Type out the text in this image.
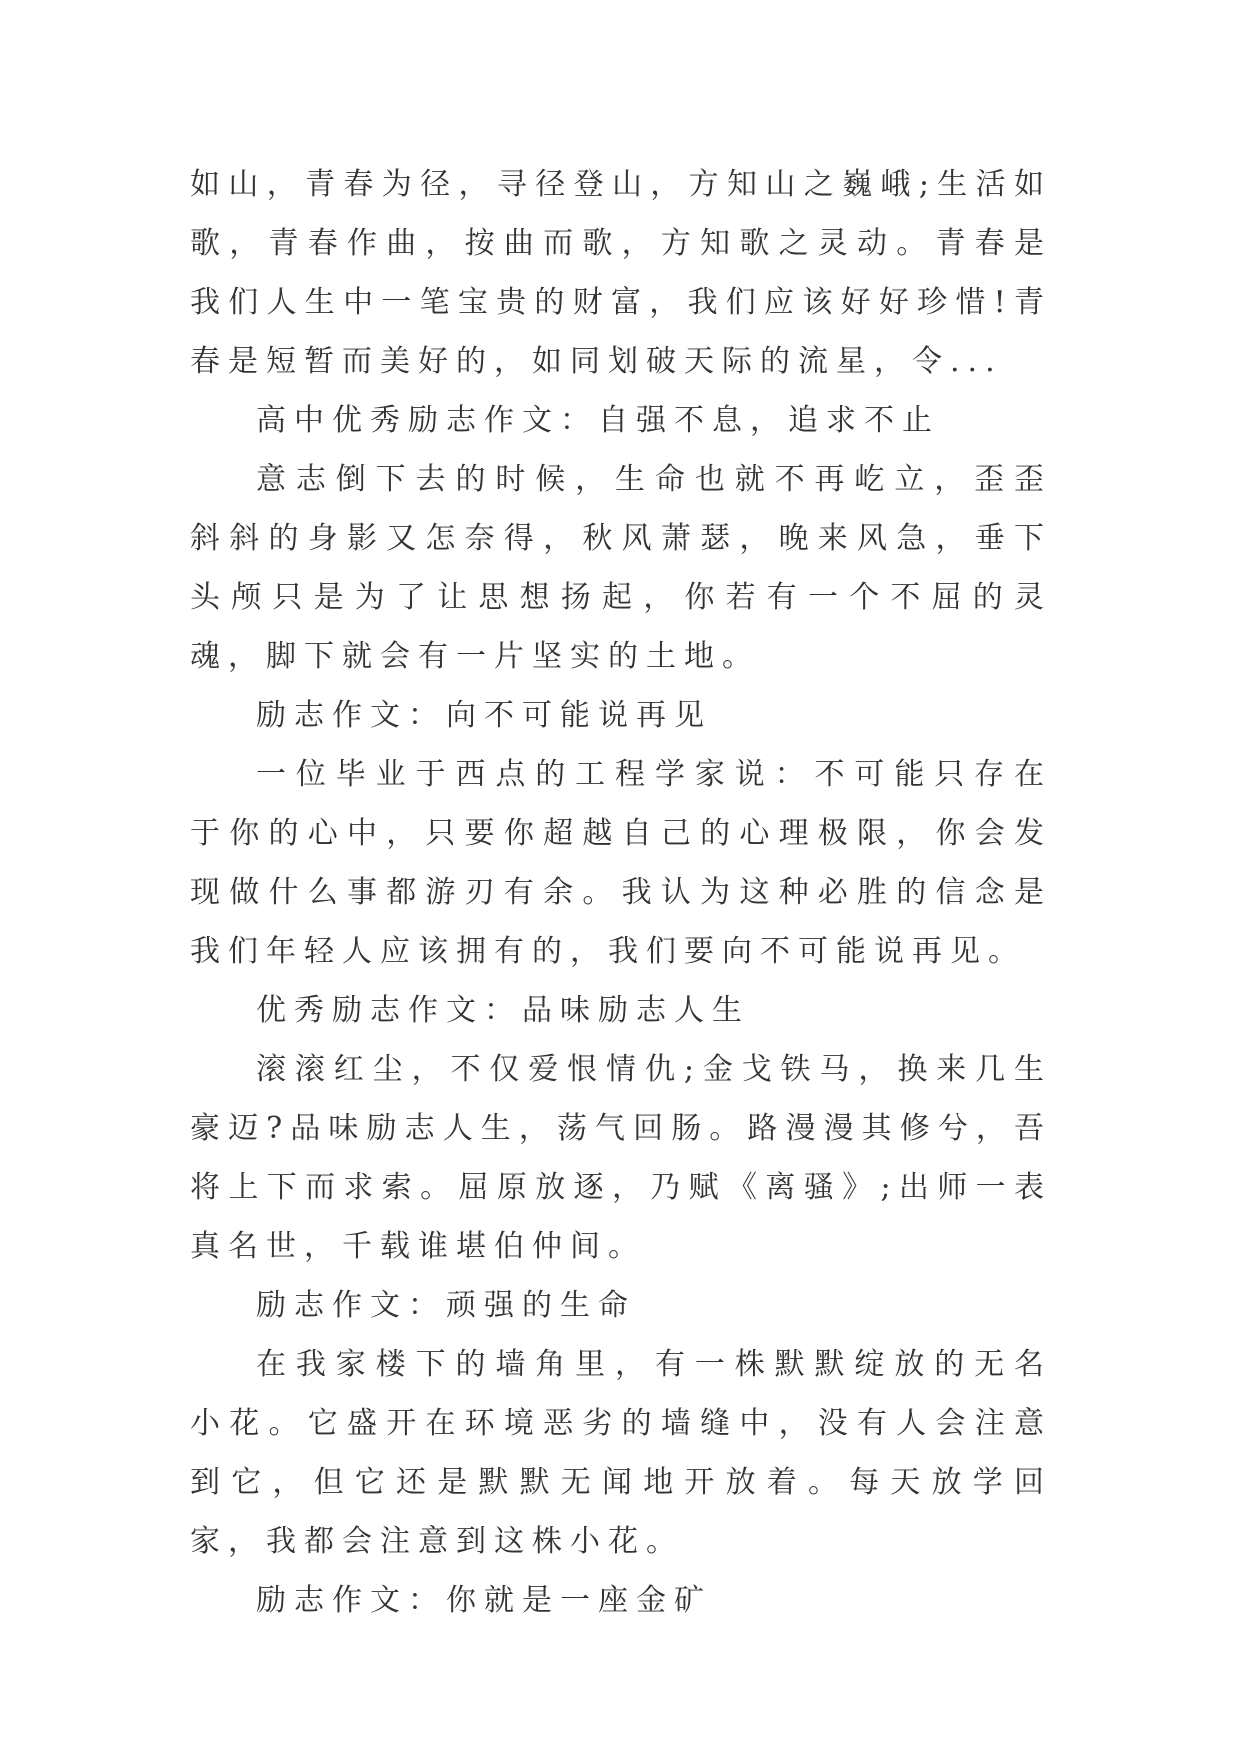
如山，青春为径，寻径登山，方知山之巍峨;生活如歌，青春作曲，按曲而歌，方知歌之灵动。青春是我们人生中一笔宝贵的财富，我们应该好好珍惜!青春是短暂而美好的，如同划破天际的流星，令...

高中优秀励志作文：自强不息，追求不止

意志倒下去的时候，生命也就不再屹立，歪歪斜斜的身影又怎奈得，秋风萧瑟，晚来风急，垂下头颅只是为了让思想扬起，你若有一个不屈的灵魂，脚下就会有一片坚实的土地。

励志作文：向不可能说再见

一位毕业于西点的工程学家说：不可能只存在于你的心中，只要你超越自己的心理极限，你会发现做什么事都游刃有余。我认为这种必胜的信念是我们年轻人应该拥有的，我们要向不可能说再见。

优秀励志作文：品味励志人生

滚滚红尘，不仅爱恨情仇;金戈铁马，换来几生豪迈?品味励志人生，荡气回肠。路漫漫其修兮，吾将上下而求索。屈原放逐，乃赋《离骚》;出师一表真名世，千载谁堪伯仲间。

励志作文：顽强的生命

在我家楼下的墙角里，有一株默默绽放的无名小花。它盛开在环境恶劣的墙缝中，没有人会注意到它，但它还是默默无闻地开放着。每天放学回家，我都会注意到这株小花。

励志作文：你就是一座金矿
